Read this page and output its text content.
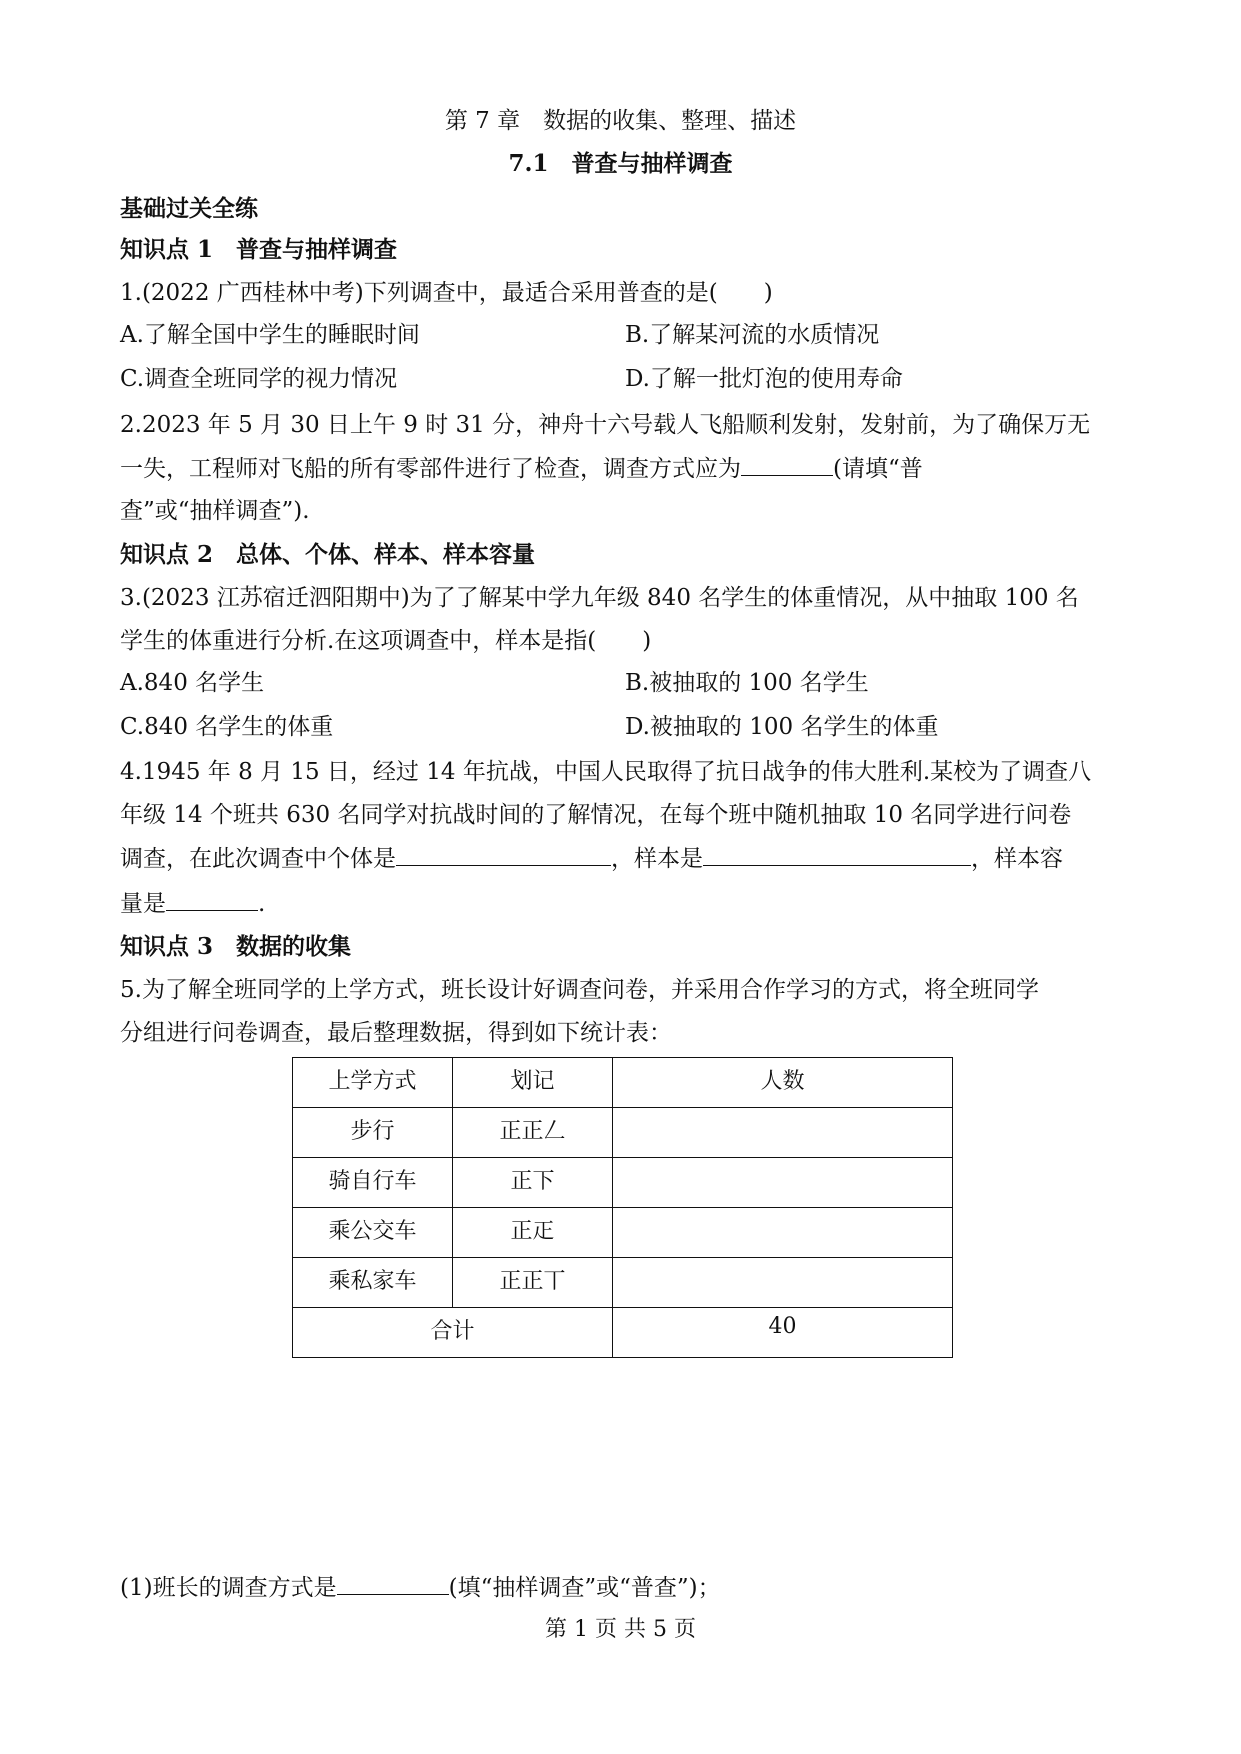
第 7 章　数据的收集、整理、描述
7.1　普查与抽样调查
基础过关全练
知识点 1　普查与抽样调查
1.(2022 广西桂林中考)下列调查中，最适合采用普查的是(　　)
A.了解全国中学生的睡眠时间	B.了解某河流的水质情况
C.调查全班同学的视力情况	D.了解一批灯泡的使用寿命
2.2023 年 5 月 30 日上午 9 时 31 分，神舟十六号载人飞船顺利发射，发射前，为了确保万无
一失，工程师对飞船的所有零部件进行了检查，调查方式应为	(请填“普
查”或“抽样调查”).
知识点 2　总体、个体、样本、样本容量
3.(2023 江苏宿迁泗阳期中)为了了解某中学九年级 840 名学生的体重情况，从中抽取 100 名
学生的体重进行分析.在这项调查中，样本是指(　　)
A.840 名学生	B.被抽取的 100 名学生
C.840 名学生的体重	D.被抽取的 100 名学生的体重
4.1945 年 8 月 15 日，经过 14 年抗战，中国人民取得了抗日战争的伟大胜利.某校为了调查八
年级 14 个班共 630 名同学对抗战时间的了解情况，在每个班中随机抽取 10 名同学进行问卷
调查，在此次调查中个体是	，样本是	，样本容
量是	.
知识点 3　数据的收集
5.为了解全班同学的上学方式，班长设计好调查问卷，并采用合作学习的方式，将全班同学
分组进行问卷调查，最后整理数据，得到如下统计表：
上学方式	划记	人数
步行	正正𠃋	
骑自行车	正下	
乘公交车	正𤴓	
乘私家车	正正丅	
合计		40
(1)班长的调查方式是	(填“抽样调查”或“普查”)；
第 1 页 共 5 页
